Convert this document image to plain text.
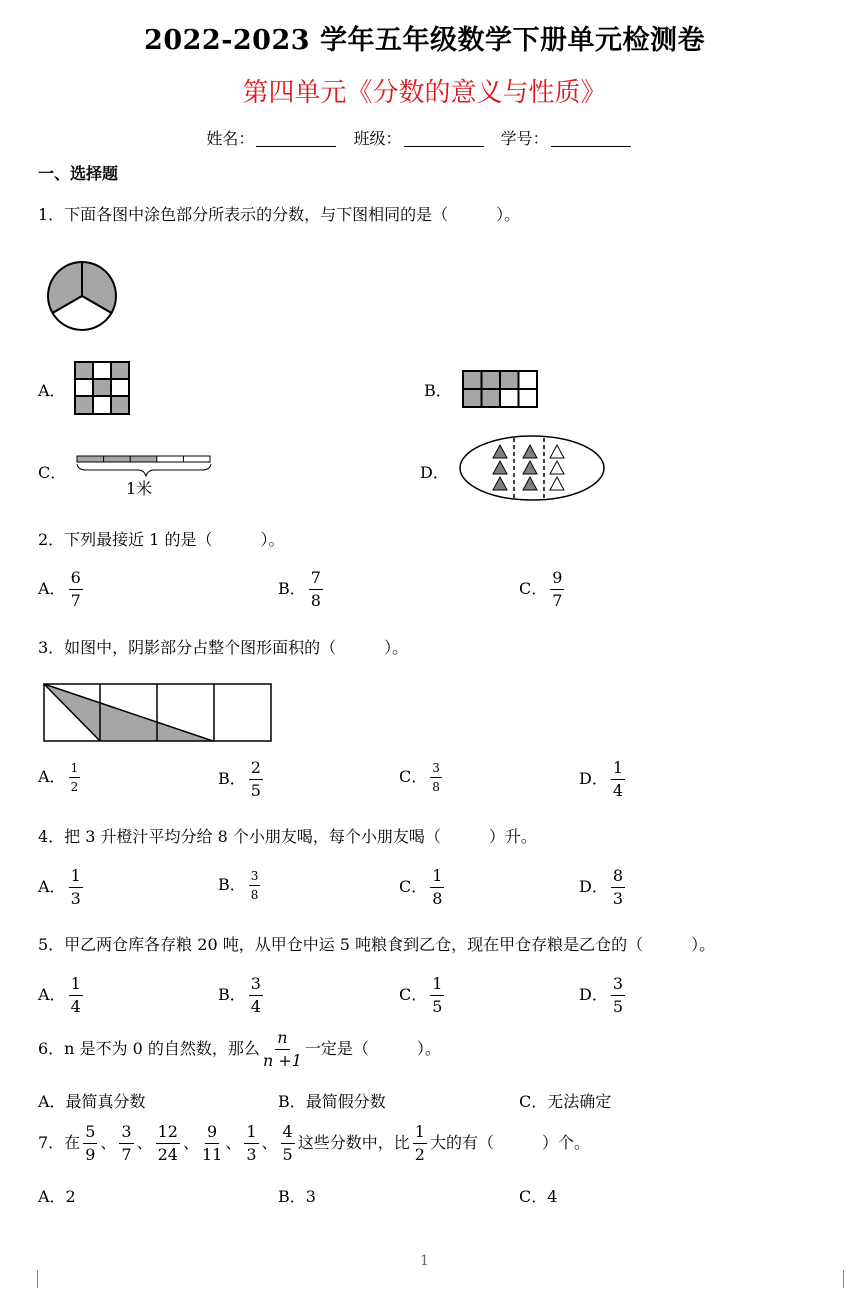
2022-2023 学年五年级数学下册单元检测卷
第四单元《分数的意义与性质》
姓名：	班级：	学号：
一、选择题
1．下面各图中涂色部分所表示的分数，与下图相同的是（　　　）。
A．	B．
C．
1米
D．
2．下列最接近 1 的是（　　　）。
A． $\frac{6}{7}$	B． $\frac{7}{8}$	C． $\frac{9}{7}$
3．如图中，阴影部分占整个图形面积的（　　　）。
A． $\frac{1}{2}$	B． $\frac{2}{5}$	C． $\frac{3}{8}$	D． $\frac{1}{4}$
4．把 3 升橙汁平均分给 8 个小朋友喝，每个小朋友喝（　　　）升。
A． $\frac{1}{3}$	B． $\frac{3}{8}$	C． $\frac{1}{8}$	D． $\frac{8}{3}$
5．甲乙两仓库各存粮 20 吨，从甲仓中运 5 吨粮食到乙仓，现在甲仓存粮是乙仓的（　　　）。
A． $\frac{1}{4}$	B． $\frac{3}{4}$	C． $\frac{1}{5}$	D． $\frac{3}{5}$
6．n 是不为 0 的自然数，那么 $\frac{n}{n +1}$ 一定是（　　　）。
A．最简真分数	B．最简假分数	C．无法确定
7．在 $\frac{5}{9}$ 、 $\frac{3}{7}$ 、 $\frac{12}{24}$ 、 $\frac{9}{11}$ 、 $\frac{1}{3}$ 、 $\frac{4}{5}$ 这些分数中，比 $\frac{1}{2}$ 大的有（　　　）个。
A．2	B．3	C．4
1
